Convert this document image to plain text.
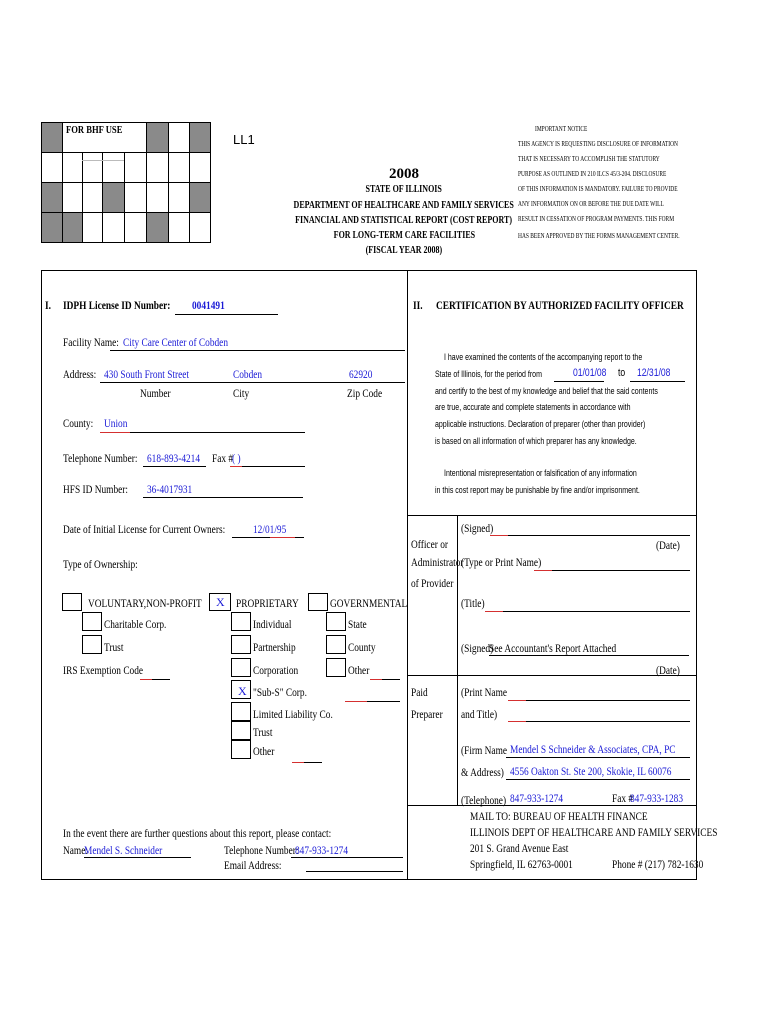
FOR BHF USE
LL1
2008
STATE OF ILLINOIS
DEPARTMENT OF HEALTHCARE AND FAMILY SERVICES
FINANCIAL AND STATISTICAL REPORT (COST REPORT)
FOR LONG-TERM CARE FACILITIES
(FISCAL YEAR 2008)
IMPORTANT NOTICE
THIS AGENCY IS REQUESTING DISCLOSURE OF INFORMATION
THAT IS NECESSARY TO ACCOMPLISH THE STATUTORY
PURPOSE AS OUTLINED IN 210 ILCS 45/3-204. DISCLOSURE
OF THIS INFORMATION IS MANDATORY. FAILURE TO PROVIDE
ANY INFORMATION ON OR BEFORE THE DUE DATE WILL
RESULT IN CESSATION OF PROGRAM PAYMENTS. THIS FORM
HAS BEEN APPROVED BY THE FORMS MANAGEMENT CENTER.
I. IDPH License ID Number: 0041491
Facility Name: City Care Center of Cobden
Address: 430 South Front Street	Cobden	62920
Number	City	Zip Code
County: Union
Telephone Number: 618-893-4214 Fax #
( )
HFS ID Number: 36-4017931
Date of Initial License for Current Owners: 12/01/95
Type of Ownership:
VOLUNTARY,NON-PROFIT
Charitable Corp.
Trust
IRS Exemption Code
X PROPRIETARY
Individual
Partnership
Corporation
X "Sub-S" Corp.
Limited Liability Co.
Trust
Other
GOVERNMENTAL
State
County
Other
In the event there are further questions about this report, please contact:
Name:
Mendel S. Schneider	Telephone Number:
847-933-1274
Email Address:
II. CERTIFICATION BY AUTHORIZED FACILITY OFFICER
I have examined the contents of the accompanying report to the
State of Illinois, for the period from	01/01/08 to 12/31/08
and certify to the best of my knowledge and belief that the said contents
are true, accurate and complete statements in accordance with
applicable instructions. Declaration of preparer (other than provider)
is based on all information of which preparer has any knowledge.
Intentional misrepresentation or falsification of any information
in this cost report may be punishable by fine and/or imprisonment.
Officer or
Administrator
of Provider
(Signed)
(Date)
(Type or Print Name)
(Title)
(Signed)
See Accountant's Report Attached
(Date)
Paid
Preparer
(Print Name
and Title)
(Firm Name Mendel S Schneider & Associates, CPA, PC
& Address) 4556 Oakton St. Ste 200, Skokie, IL 60076
(Telephone) 847-933-1274	Fax #
847-933-1283
MAIL TO: BUREAU OF HEALTH FINANCE
ILLINOIS DEPT OF HEALTHCARE AND FAMILY SERVICES
201 S. Grand Avenue East
Springfield, IL 62763-0001	Phone # (217) 782-1630
